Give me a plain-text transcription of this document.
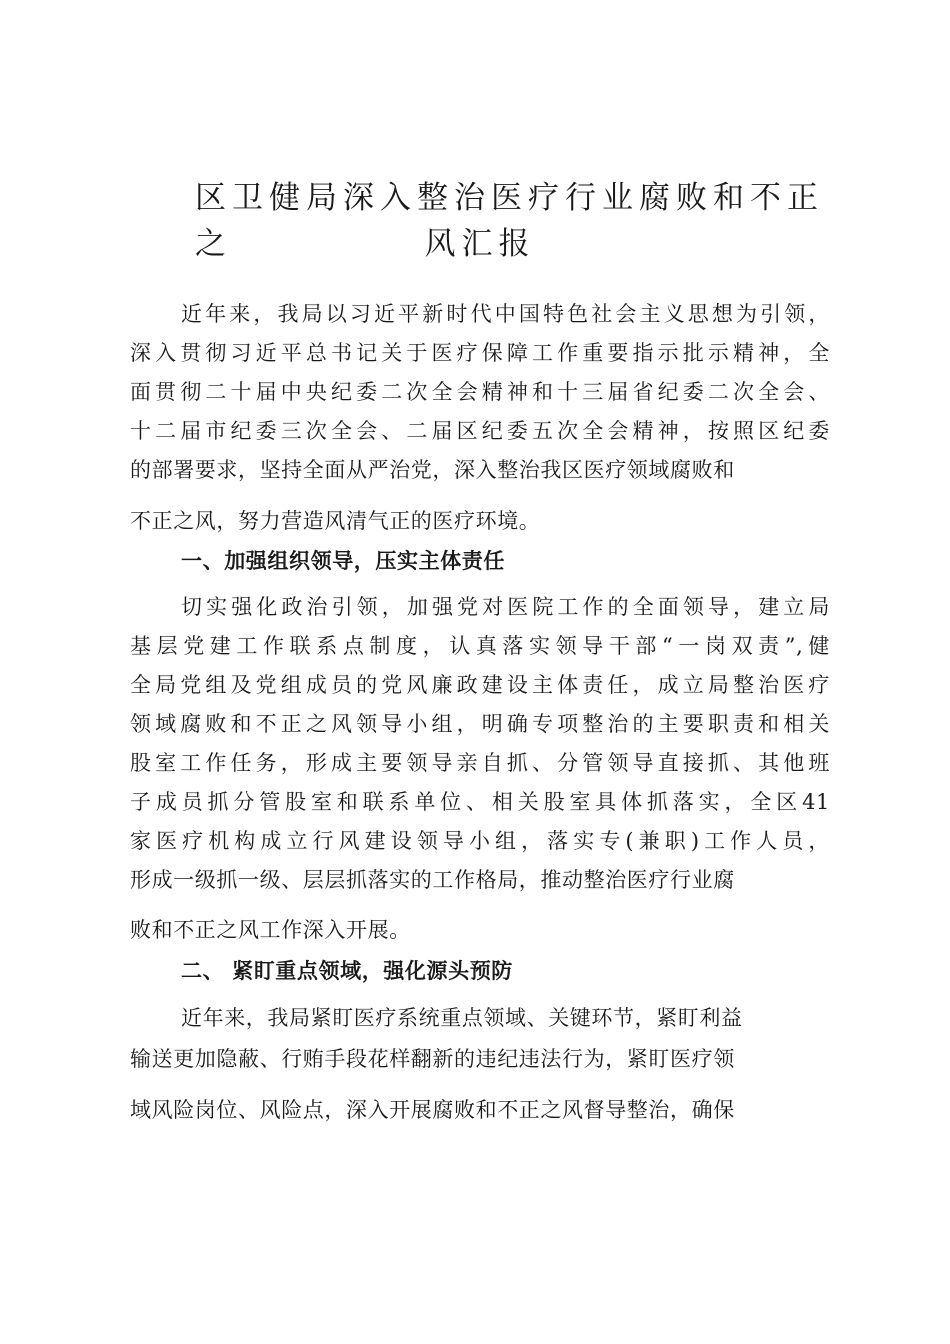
区卫健局深入整治医疗行业腐败和不正之	风汇报
近年来，我局以习近平新时代中国特色社会主义思想为引领，
深入贯彻习近平总书记关于医疗保障工作重要指示批示精神，全
面贯彻二十届中央纪委二次全会精神和十三届省纪委二次全会、
十二届市纪委三次全会、二届区纪委五次全会精神，按照区纪委
的部署要求，坚持全面从严治党，深入整治我区医疗领域腐败和
不正之风，努力营造风清气正的医疗环境。
一、加强组织领导，压实主体责任
切实强化政治引领，加强党对医院工作的全面领导，建立局
基层党建工作联系点制度，认真落实领导干部“一岗双责”,健
全局党组及党组成员的党风廉政建设主体责任，成立局整治医疗
领域腐败和不正之风领导小组，明确专项整治的主要职责和相关
股室工作任务，形成主要领导亲自抓、分管领导直接抓、其他班
子成员抓分管股室和联系单位、相关股室具体抓落实，全区41
家医疗机构成立行风建设领导小组，落实专(兼职)工作人员，
形成一级抓一级、层层抓落实的工作格局，推动整治医疗行业腐
败和不正之风工作深入开展。
二、 紧盯重点领域，强化源头预防
近年来，我局紧盯医疗系统重点领域、关键环节，紧盯利益
输送更加隐蔽、行贿手段花样翻新的违纪违法行为，紧盯医疗领
域风险岗位、风险点，深入开展腐败和不正之风督导整治，确保
